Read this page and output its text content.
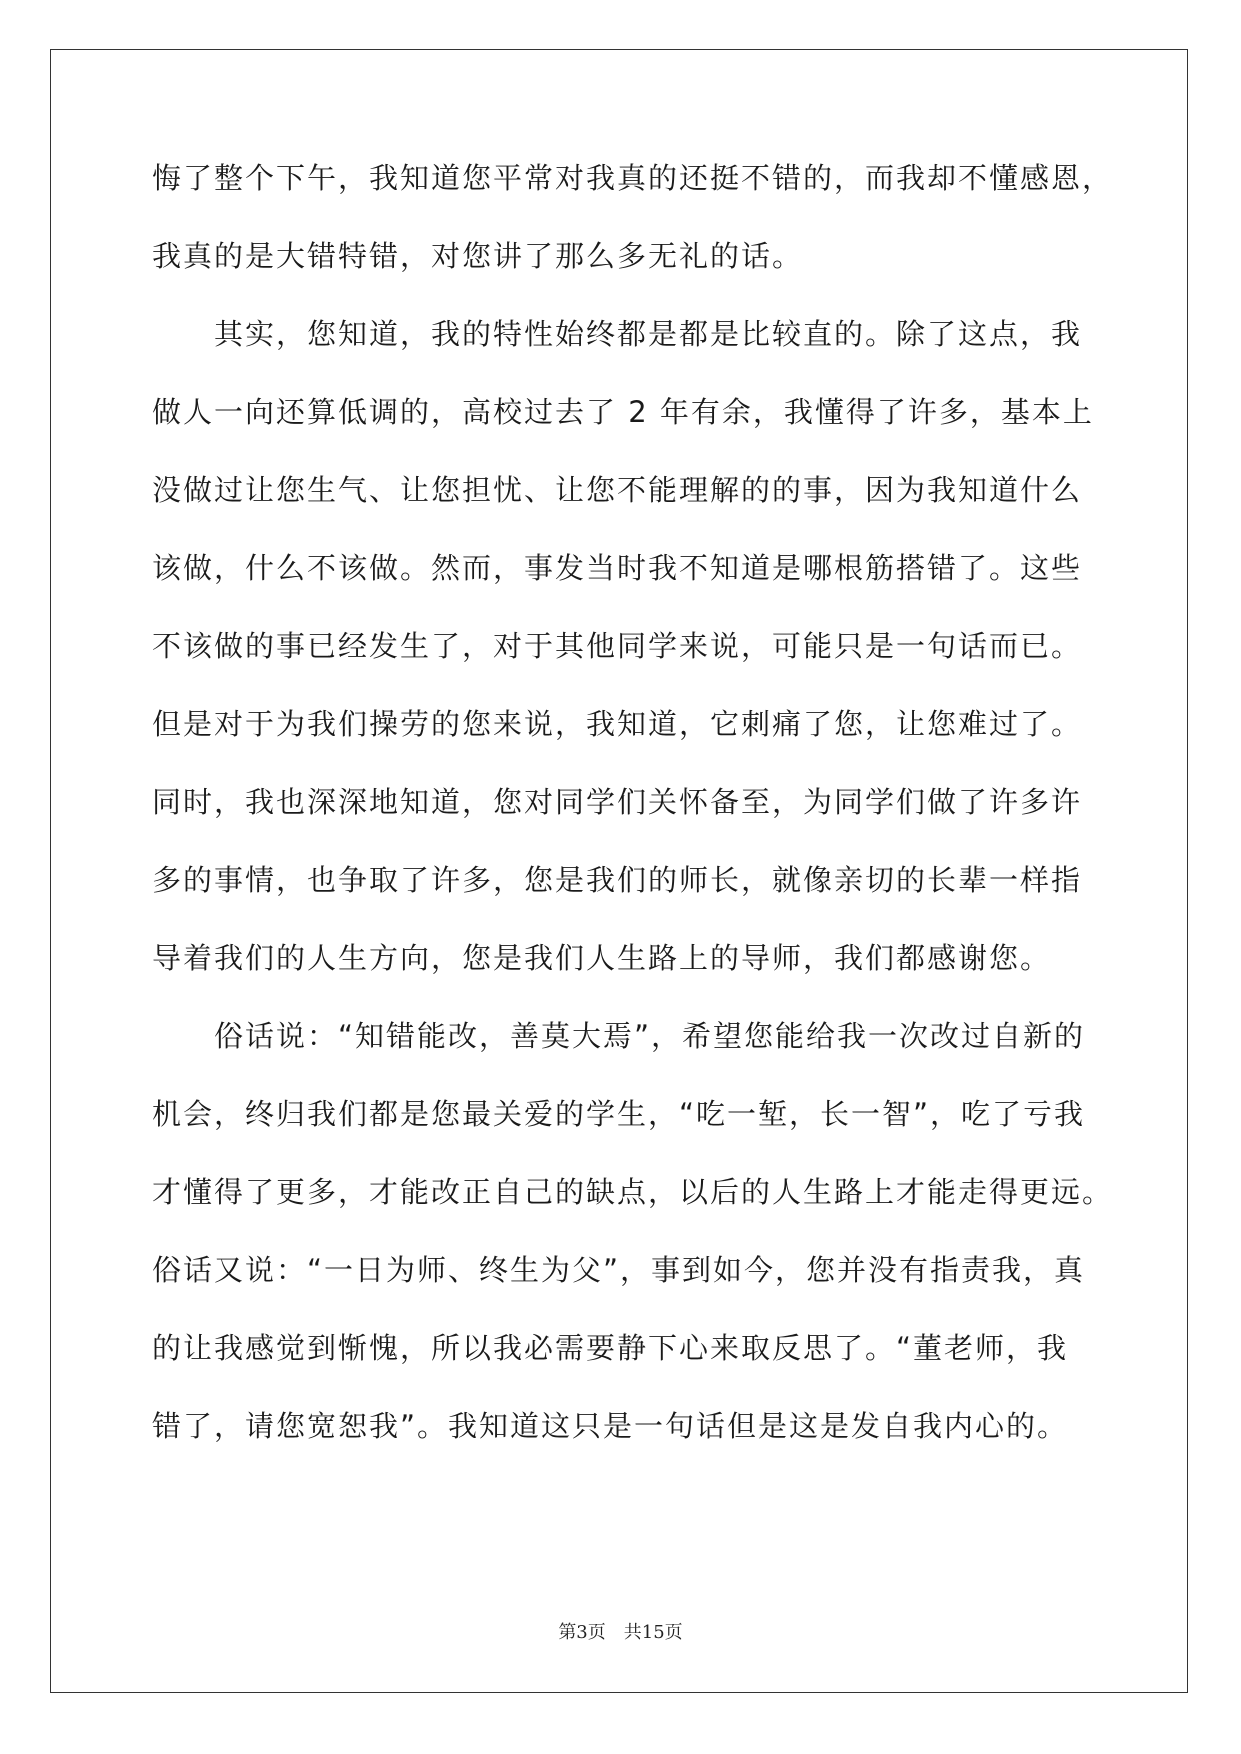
悔了整个下午，我知道您平常对我真的还挺不错的，而我却不懂感恩，
我真的是大错特错，对您讲了那么多无礼的话。
　　其实，您知道，我的特性始终都是都是比较直的。除了这点，我
做人一向还算低调的，高校过去了 2 年有余，我懂得了许多，基本上
没做过让您生气、让您担忧、让您不能理解的的事，因为我知道什么
该做，什么不该做。然而，事发当时我不知道是哪根筋搭错了。这些
不该做的事已经发生了，对于其他同学来说，可能只是一句话而已。
但是对于为我们操劳的您来说，我知道，它刺痛了您，让您难过了。
同时，我也深深地知道，您对同学们关怀备至，为同学们做了许多许
多的事情，也争取了许多，您是我们的师长，就像亲切的长辈一样指
导着我们的人生方向，您是我们人生路上的导师，我们都感谢您。
　　俗话说：“知错能改，善莫大焉”，希望您能给我一次改过自新的
机会，终归我们都是您最关爱的学生，“吃一堑，长一智”，吃了亏我
才懂得了更多，才能改正自己的缺点，以后的人生路上才能走得更远。
俗话又说：“一日为师、终生为父”，事到如今，您并没有指责我，真
的让我感觉到惭愧，所以我必需要静下心来取反思了。“董老师，我
错了，请您宽恕我”。我知道这只是一句话但是这是发自我内心的。
第3页　共15页
